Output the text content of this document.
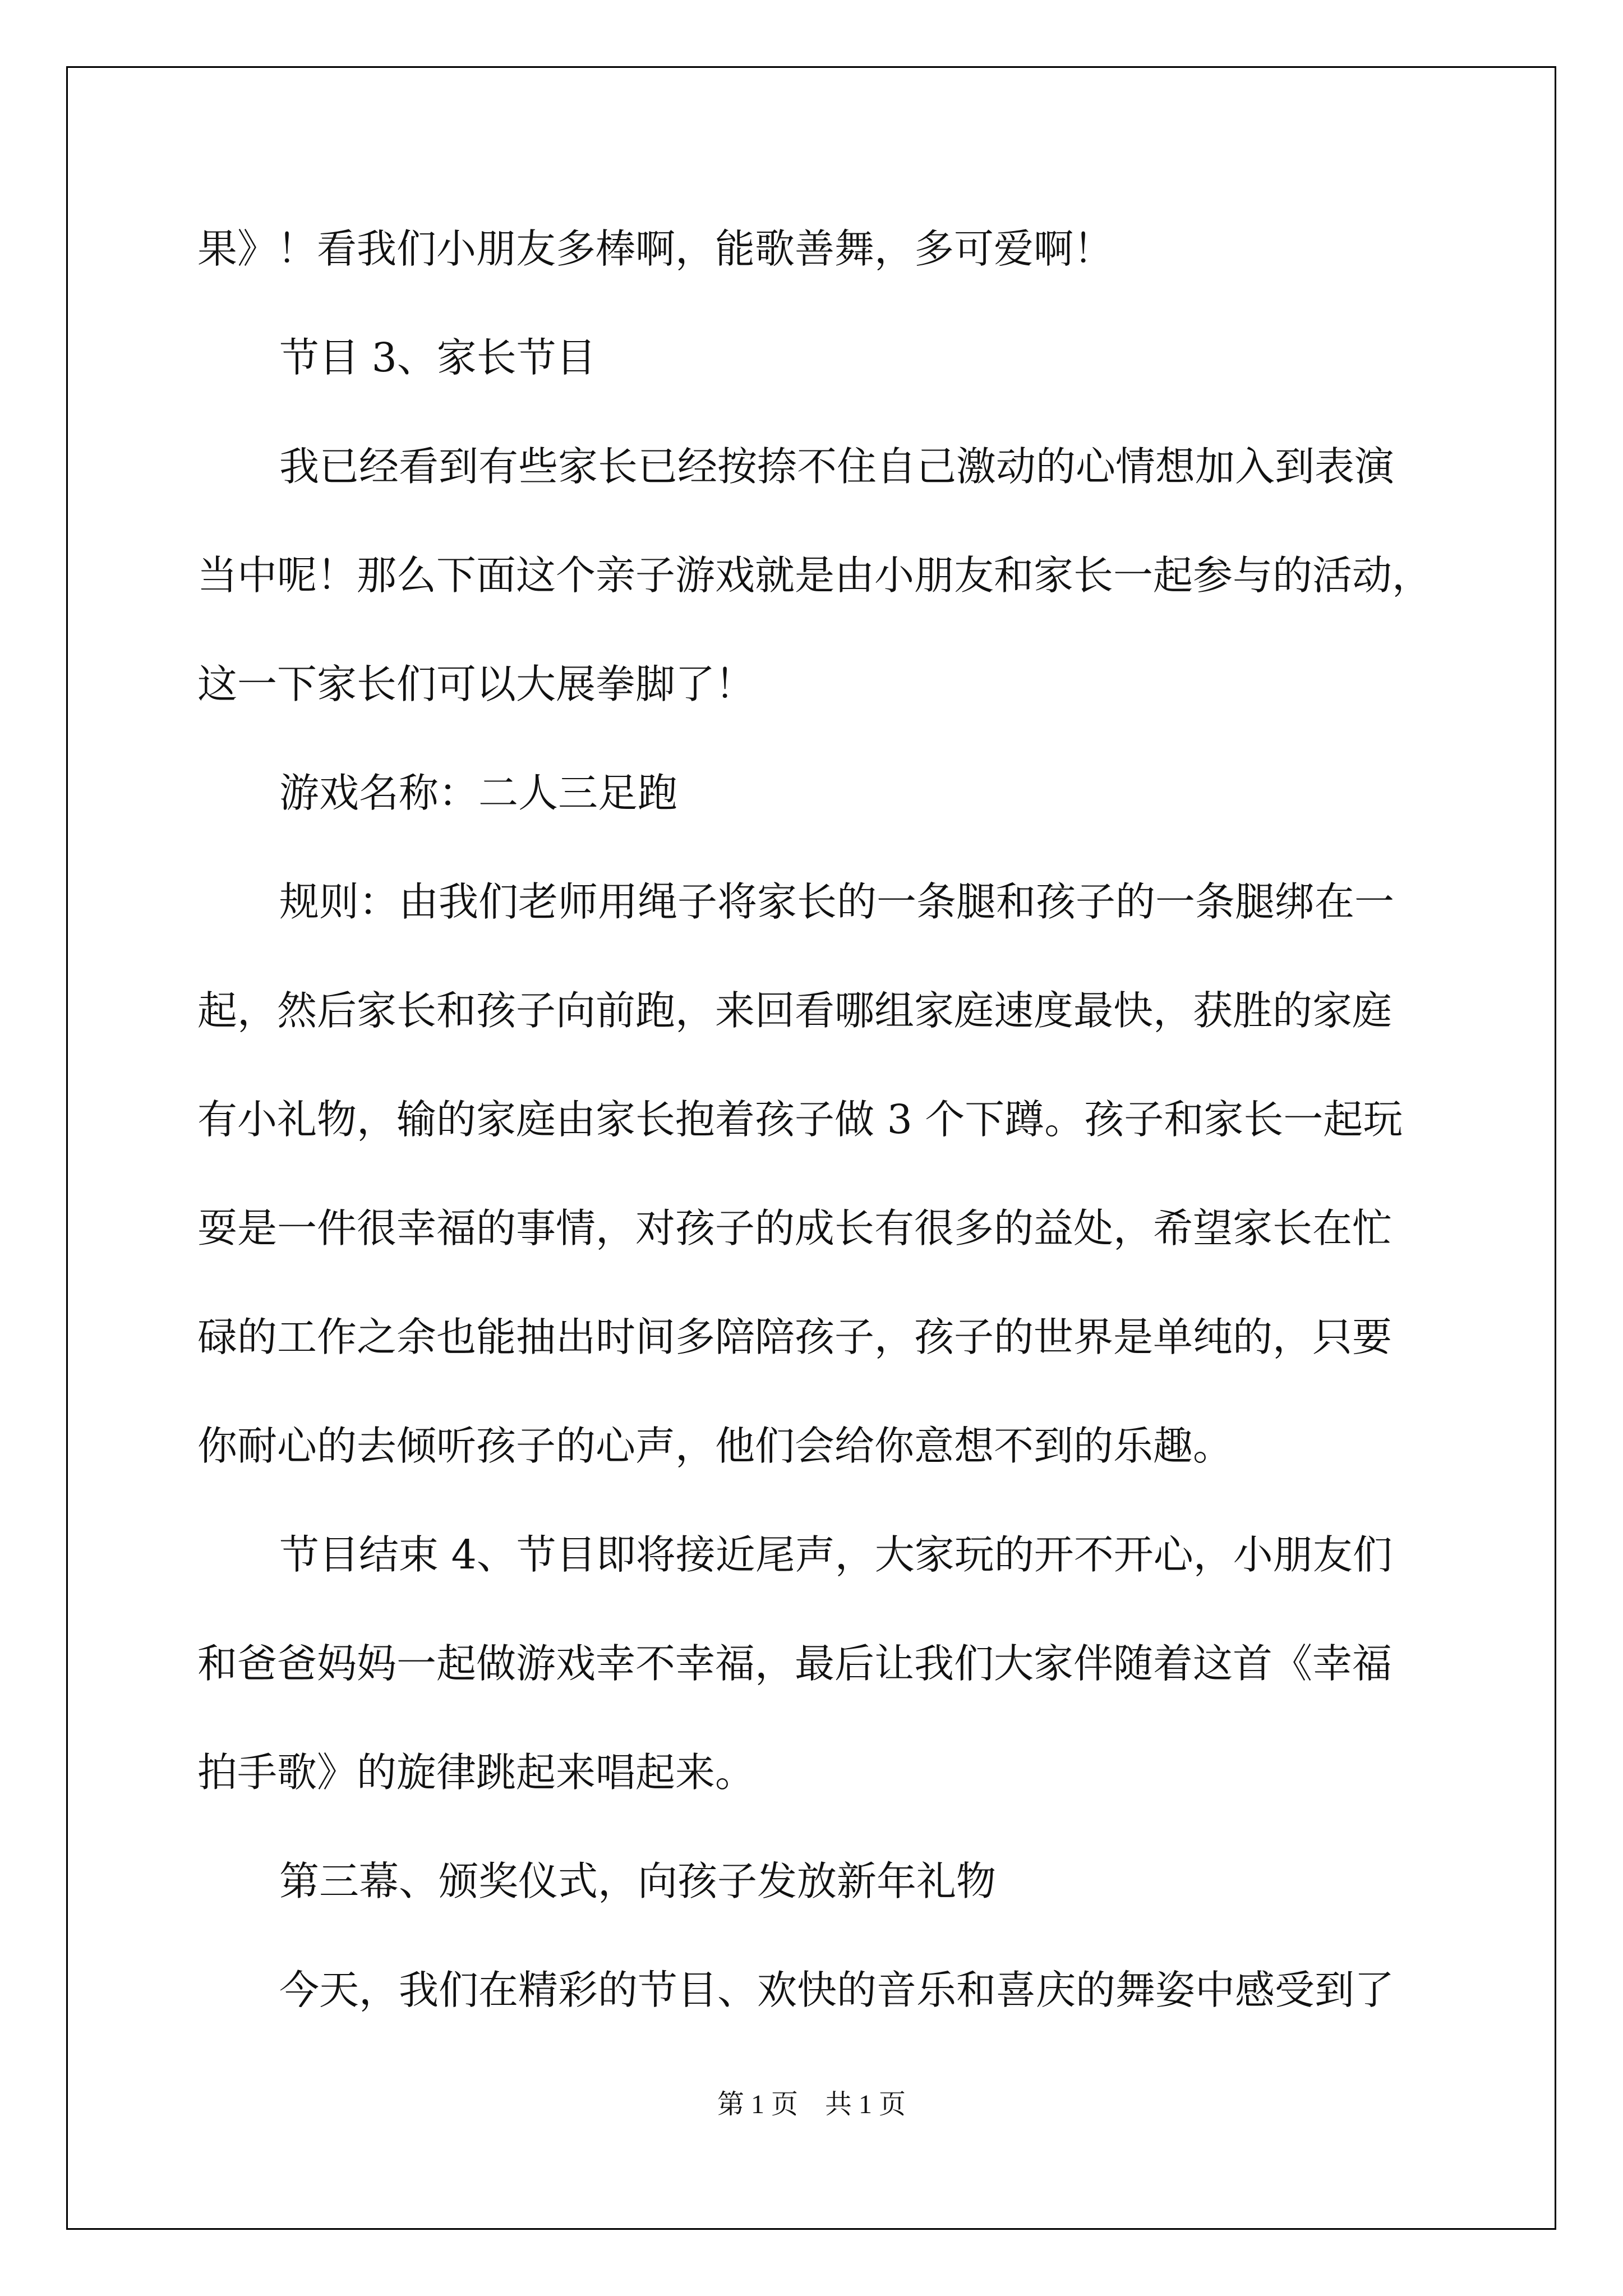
果》！看我们小朋友多棒啊，能歌善舞，多可爱啊！
节目 3、家长节目
我已经看到有些家长已经按捺不住自己激动的心情想加入到表演
当中呢！那么下面这个亲子游戏就是由小朋友和家长一起参与的活动，
这一下家长们可以大展拳脚了！
游戏名称：二人三足跑
规则：由我们老师用绳子将家长的一条腿和孩子的一条腿绑在一
起，然后家长和孩子向前跑，来回看哪组家庭速度最快，获胜的家庭
有小礼物，输的家庭由家长抱着孩子做 3 个下蹲。孩子和家长一起玩
耍是一件很幸福的事情，对孩子的成长有很多的益处，希望家长在忙
碌的工作之余也能抽出时间多陪陪孩子，孩子的世界是单纯的，只要
你耐心的去倾听孩子的心声，他们会给你意想不到的乐趣。
节目结束 4、节目即将接近尾声，大家玩的开不开心，小朋友们
和爸爸妈妈一起做游戏幸不幸福，最后让我们大家伴随着这首《幸福
拍手歌》的旋律跳起来唱起来。
第三幕、颁奖仪式，向孩子发放新年礼物
今天，我们在精彩的节目、欢快的音乐和喜庆的舞姿中感受到了
第 1 页    共 1 页
